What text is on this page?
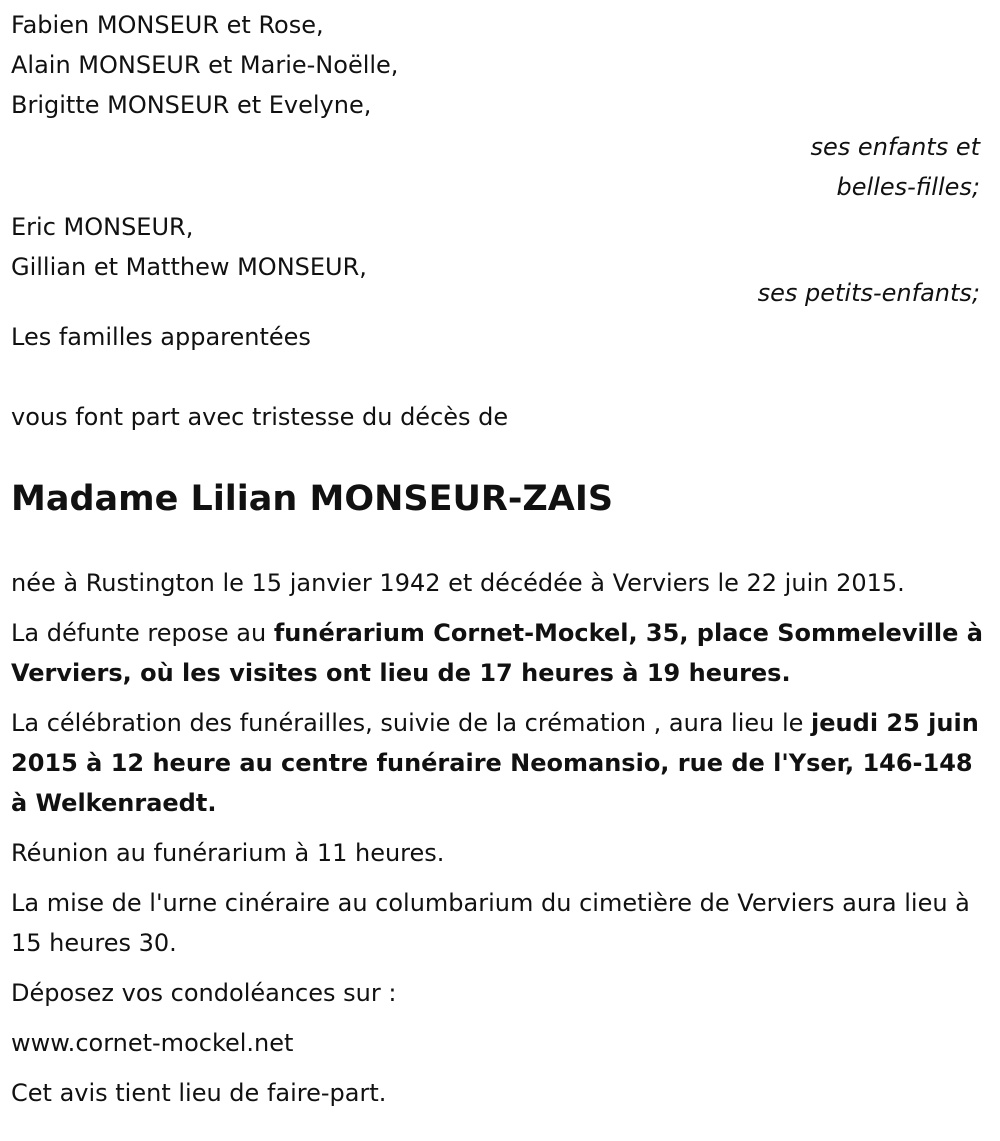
Fabien MONSEUR et Rose,
Alain MONSEUR et Marie-Noëlle,
Brigitte MONSEUR et Evelyne,
ses enfants et
belles-filles;
Eric MONSEUR,
Gillian et Matthew MONSEUR,
ses petits-enfants;
Les familles apparentées
vous font part avec tristesse du décès de
Madame Lilian MONSEUR-ZAIS

née à Rustington le 15 janvier 1942 et décédée à Verviers le 22 juin 2015.

La défunte repose au funérarium Cornet-Mockel, 35, place Sommeleville à Verviers, où les visites ont lieu de 17 heures à 19 heures.

La célébration des funérailles, suivie de la crémation , aura lieu le jeudi 25 juin 2015 à 12 heure au centre funéraire Neomansio, rue de l'Yser, 146-148 à Welkenraedt.

Réunion au funérarium à 11 heures.

La mise de l'urne cinéraire au columbarium du cimetière de Verviers aura lieu à 15 heures 30.

Déposez vos condoléances sur :

www.cornet-mockel.net

Cet avis tient lieu de faire-part.
